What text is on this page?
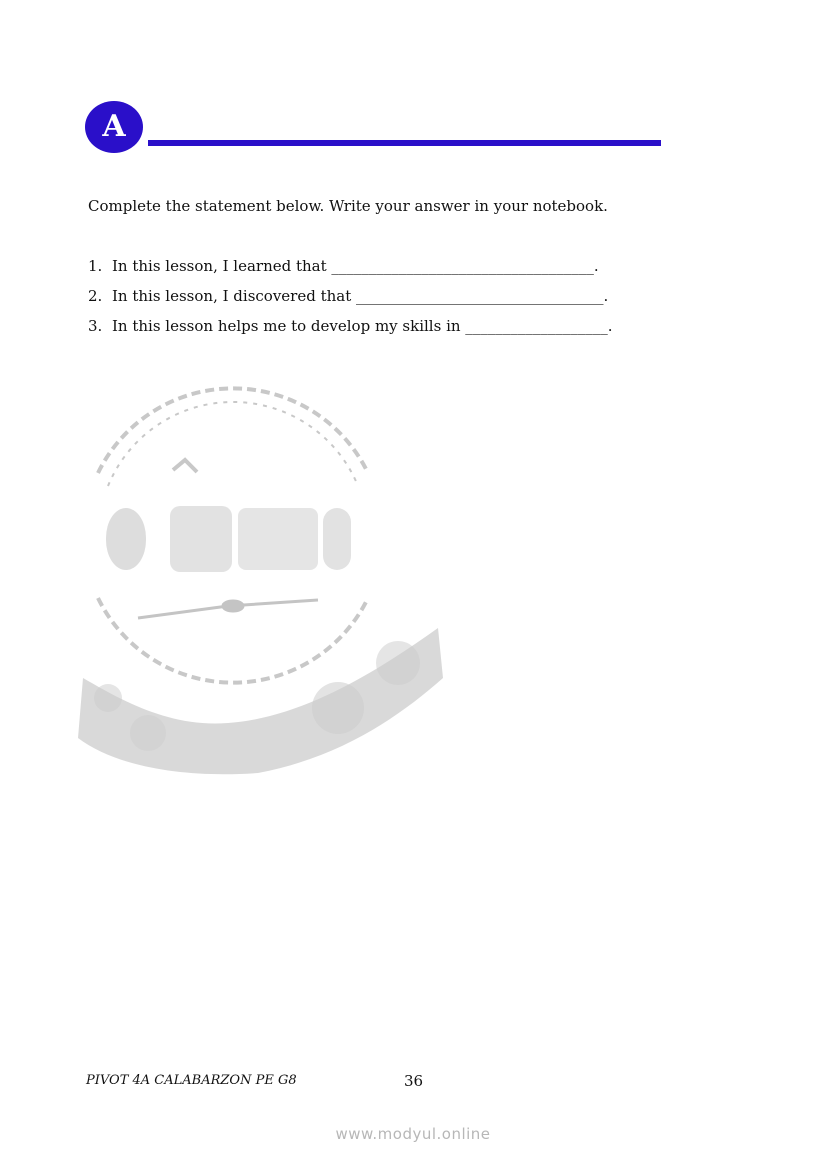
A

Complete the statement below. Write your answer in your notebook.

1. In this lesson, I learned that ___________________________________.
2. In this lesson, I discovered that _________________________________.
3. In this lesson helps me to develop my skills in ___________________.

PIVOT 4A CALABARZON PE G8	36

www.modyul.online
